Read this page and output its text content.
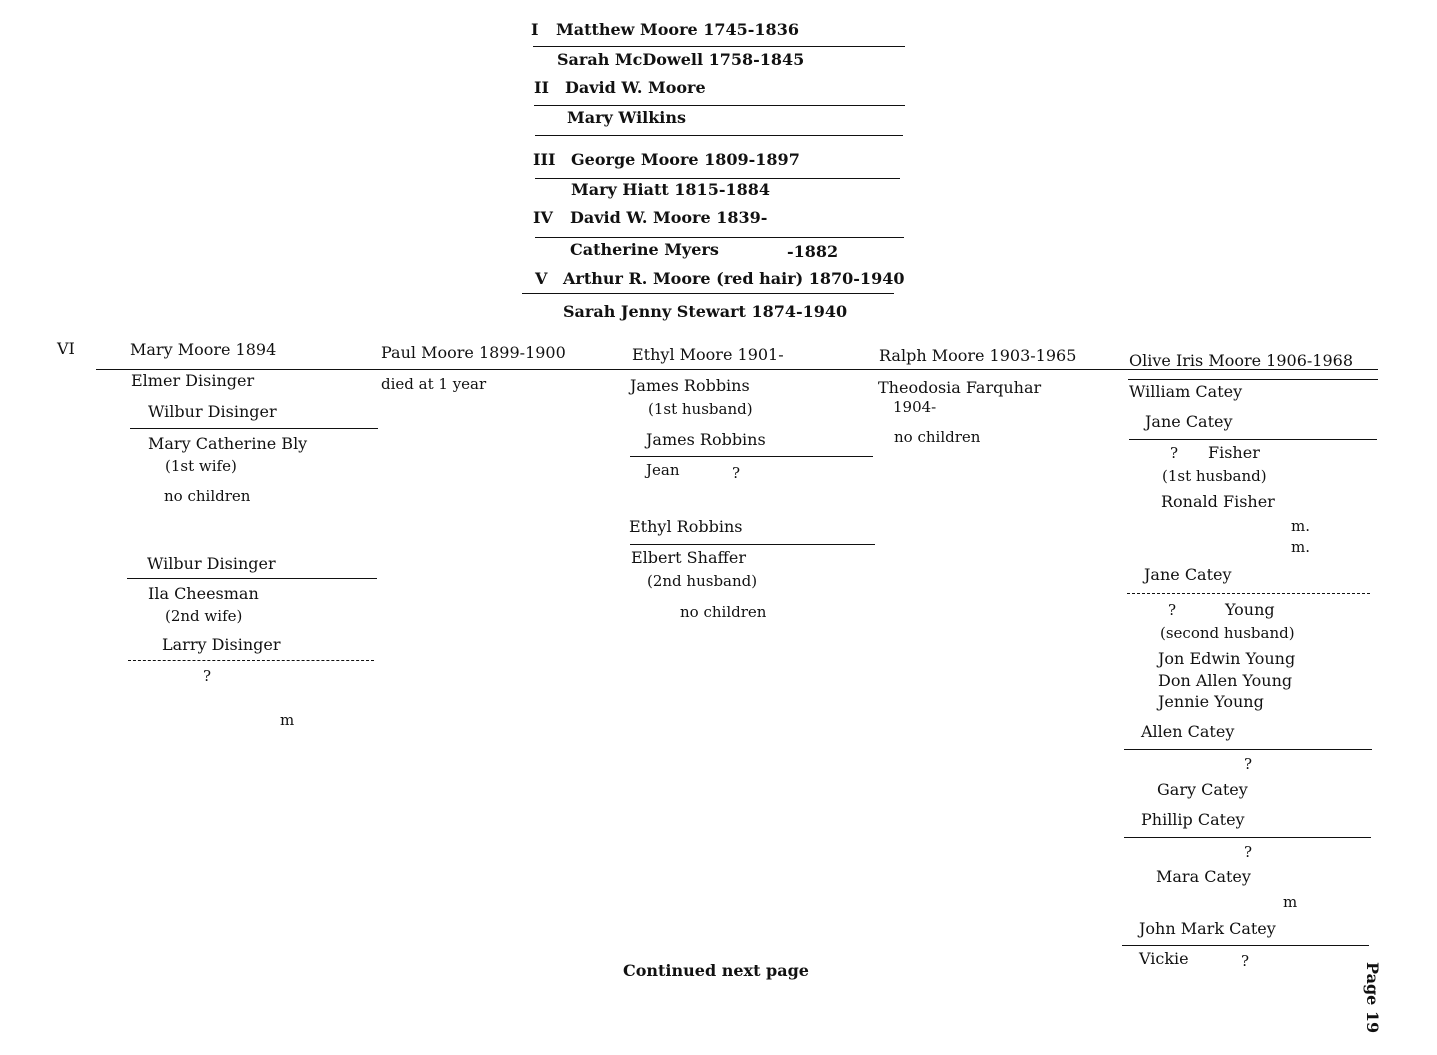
I Matthew Moore 1745-1836
Sarah McDowell 1758-1845
II David W. Moore
Mary Wilkins
III George Moore 1809-1897
Mary Hiatt 1815-1884
IV David W. Moore 1839-
Catherine Myers	-1882
V Arthur R. Moore (red hair) 1870-1940
Sarah Jenny Stewart 1874-1940
VI	Mary Moore 1894
Elmer Disinger
Wilbur Disinger
Mary Catherine Bly
(1st wife)
no children
Wilbur Disinger
Ila Cheesman
(2nd wife)
Larry Disinger
?
m
Paul Moore 1899-1900
died at 1 year
Ethyl Moore 1901-
James Robbins
(1st husband)
James Robbins
Jean	?
Ethyl Robbins
Elbert Shaffer
(2nd husband)
no children
Ralph Moore 1903-1965
Theodosia Farquhar
1904-
no children
Olive Iris Moore 1906-1968
William Catey
Jane Catey
? Fisher
(1st husband)
Ronald Fisher
m.
m.
Jane Catey
?	Young
(second husband)
Jon Edwin Young
Don Allen Young
Jennie Young
Allen Catey
?
Gary Catey
Phillip Catey
?
Mara Catey
m
John Mark Catey
Vickie	?
Continued next page	Page 19
